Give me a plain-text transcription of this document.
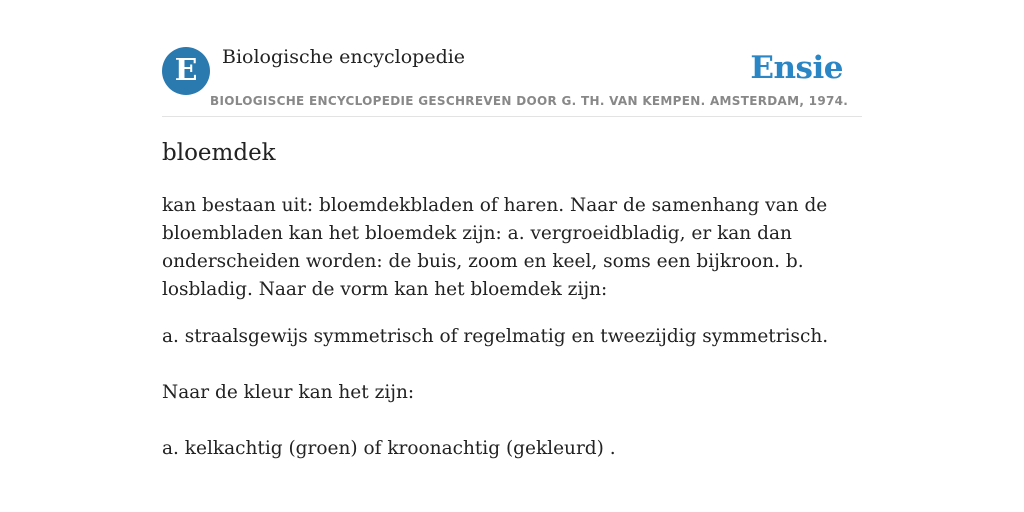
E	Biologische encyclopedie	Ensie
BIOLOGISCHE ENCYCLOPEDIE GESCHREVEN DOOR G. TH. VAN KEMPEN. AMSTERDAM, 1974.
bloemdek
kan bestaan uit: bloemdekbladen of haren. Naar de samenhang van de bloembladen kan het bloemdek zijn: a. vergroeidbladig, er kan dan onderscheiden worden: de buis, zoom en keel, soms een bijkroon. b. losbladig. Naar de vorm kan het bloemdek zijn:
a. straalsgewijs symmetrisch of regelmatig en tweezijdig symmetrisch.
Naar de kleur kan het zijn:
a. kelkachtig (groen) of kroonachtig (gekleurd) .
